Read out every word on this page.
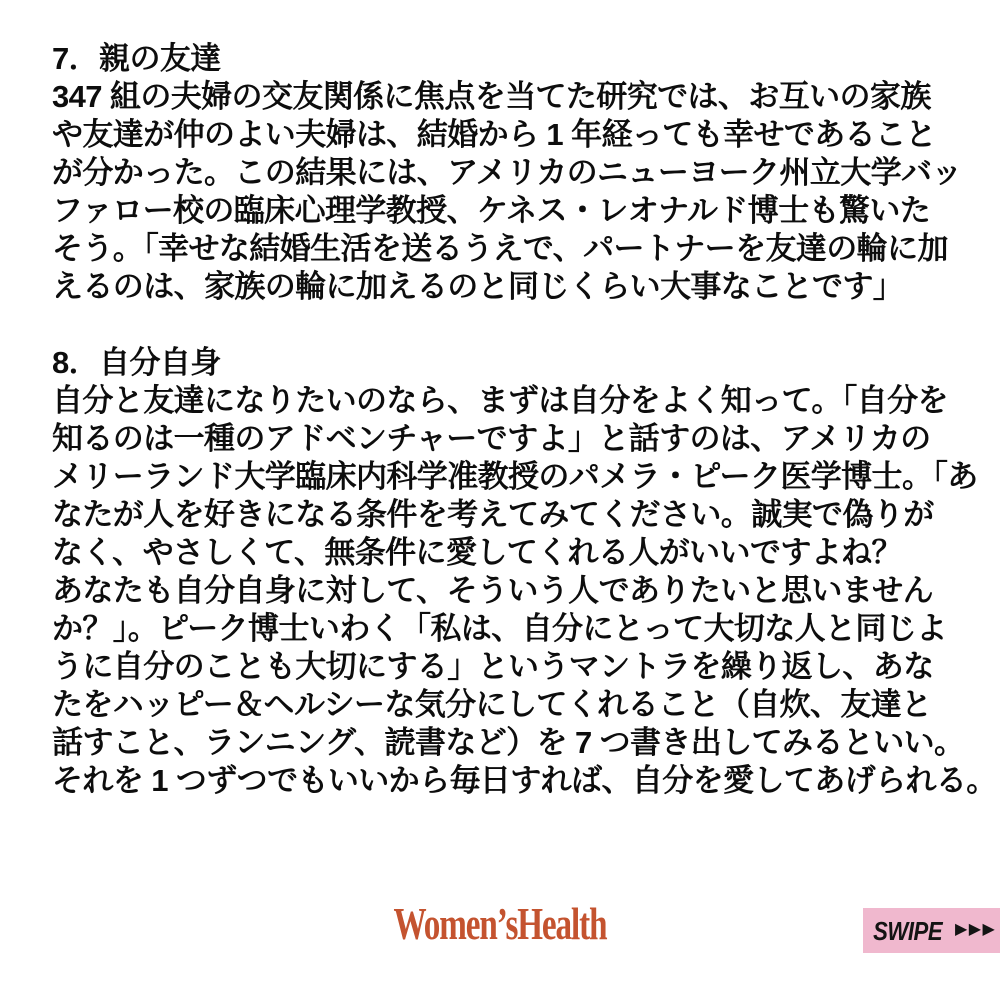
7．親の友達
347 組の夫婦の交友関係に焦点を当てた研究では、お互いの家族
や友達が仲のよい夫婦は、結婚から 1 年経っても幸せであること
が分かった。この結果には、アメリカのニューヨーク州立大学バッ
ファロー校の臨床心理学教授、ケネス・レオナルド博士も驚いた
そう。「幸せな結婚生活を送るうえで、パートナーを友達の輪に加
えるのは、家族の輪に加えるのと同じくらい大事なことです」
8．自分自身
自分と友達になりたいのなら、まずは自分をよく知って。「自分を
知るのは一種のアドベンチャーですよ」と話すのは、アメリカの
メリーランド大学臨床内科学准教授のパメラ・ピーク医学博士。「あ
なたが人を好きになる条件を考えてみてください。誠実で偽りが
なく、やさしくて、無条件に愛してくれる人がいいですよね？
あなたも自分自身に対して、そういう人でありたいと思いません
か？」。ピーク博士いわく「私は、自分にとって大切な人と同じよ
うに自分のことも大切にする」というマントラを繰り返し、あな
たをハッピー＆ヘルシーな気分にしてくれること（自炊、友達と
話すこと、ランニング、読書など）を 7 つ書き出してみるといい。
それを 1 つずつでもいいから毎日すれば、自分を愛してあげられる。
Women’sHealth	SWIPE ▶▶▶
